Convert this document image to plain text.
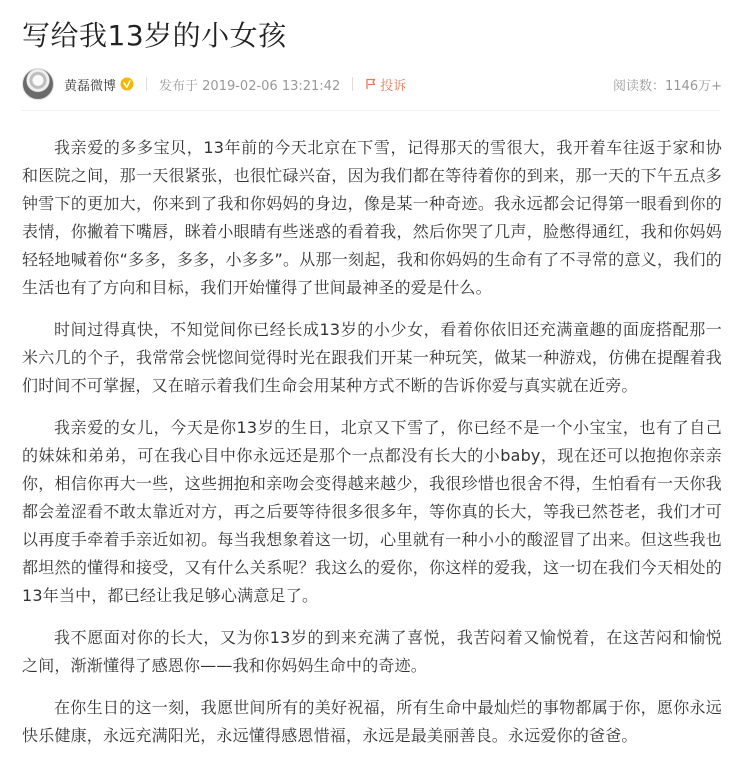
写给我13岁的小女孩
黄磊微博	发布于 2019-02-06 13:21:42	投诉	阅读数：1146万+

我亲爱的多多宝贝，13年前的今天北京在下雪，记得那天的雪很大，我开着车往返于家和协和医院之间，那一天很紧张，也很忙碌兴奋，因为我们都在等待着你的到来，那一天的下午五点多钟雪下的更加大，你来到了我和你妈妈的身边，像是某一种奇迹。我永远都会记得第一眼看到你的表情，你撇着下嘴唇，眯着小眼睛有些迷惑的看着我，然后你哭了几声，脸憋得通红，我和你妈妈轻轻地喊着你“多多，多多，小多多”。从那一刻起，我和你妈妈的生命有了不寻常的意义，我们的生活也有了方向和目标，我们开始懂得了世间最神圣的爱是什么。

时间过得真快，不知觉间你已经长成13岁的小少女，看着你依旧还充满童趣的面庞搭配那一米六几的个子，我常常会恍惚间觉得时光在跟我们开某一种玩笑，做某一种游戏，仿佛在提醒着我们时间不可掌握，又在暗示着我们生命会用某种方式不断的告诉你爱与真实就在近旁。

我亲爱的女儿，今天是你13岁的生日，北京又下雪了，你已经不是一个小宝宝，也有了自己的妹妹和弟弟，可在我心目中你永远还是那个一点都没有长大的小baby，现在还可以抱抱你亲亲你，相信你再大一些，这些拥抱和亲吻会变得越来越少，我很珍惜也很舍不得，生怕看有一天你我都会羞涩看不敢太靠近对方，再之后要等待很多很多年，等你真的长大，等我已然苍老，我们才可以再度手牵着手亲近如初。每当我想象着这一切，心里就有一种小小的酸涩冒了出来。但这些我也都坦然的懂得和接受，又有什么关系呢？我这么的爱你，你这样的爱我，这一切在我们今天相处的13年当中，都已经让我足够心满意足了。

我不愿面对你的长大，又为你13岁的到来充满了喜悦，我苦闷着又愉悦着，在这苦闷和愉悦之间，渐渐懂得了感恩你——我和你妈妈生命中的奇迹。

在你生日的这一刻，我愿世间所有的美好祝福，所有生命中最灿烂的事物都属于你，愿你永远快乐健康，永远充满阳光，永远懂得感恩惜福，永远是最美丽善良。永远爱你的爸爸。
